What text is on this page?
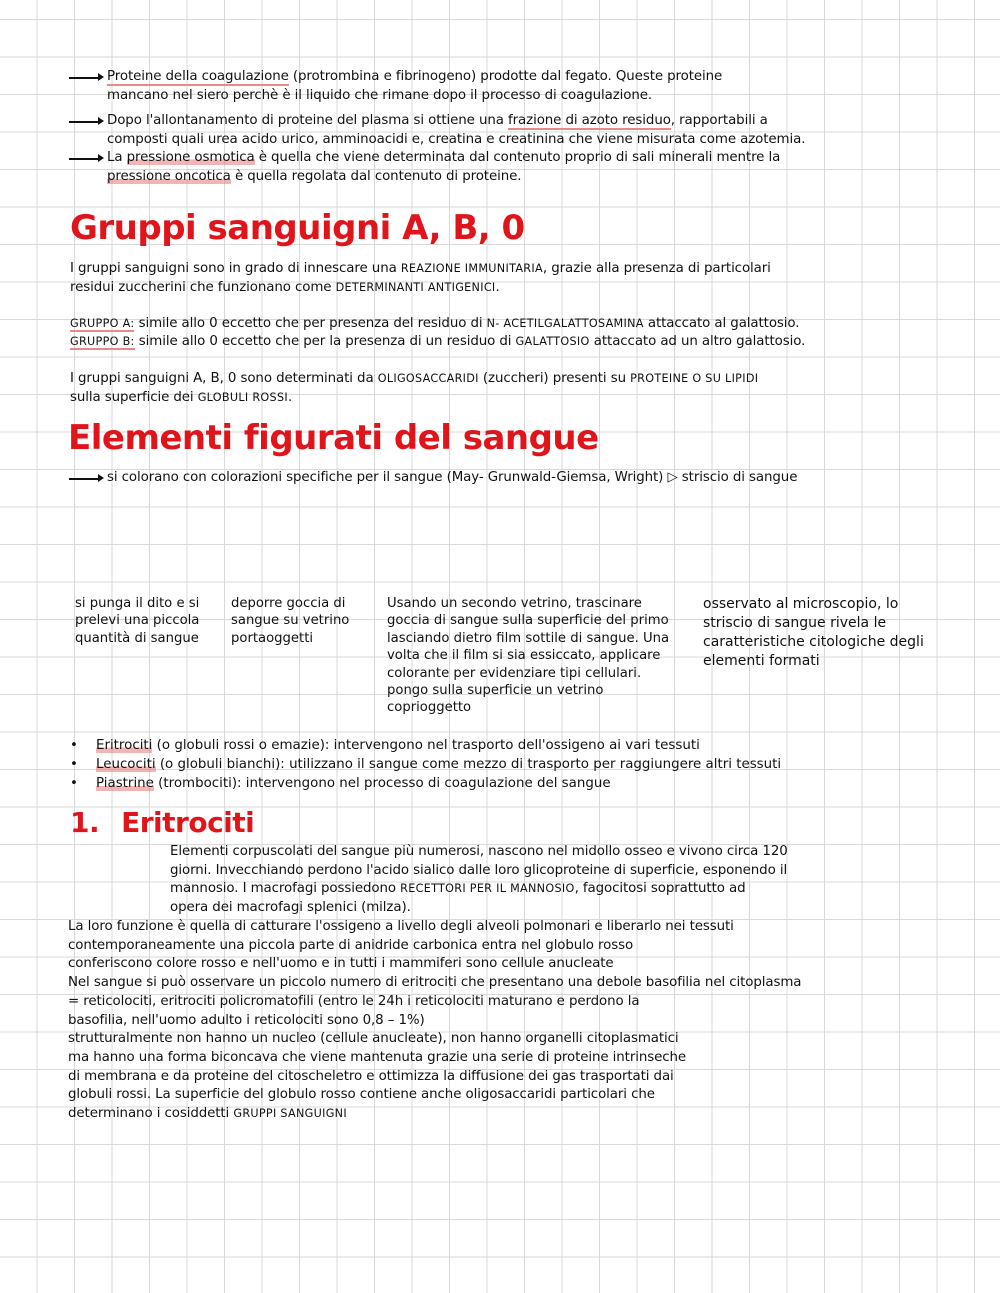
Proteine della coagulazione (protrombina e fibrinogeno) prodotte dal fegato. Queste proteine
mancano nel siero perchè è il liquido che rimane dopo il processo di coagulazione.
Dopo l'allontanamento di proteine del plasma si ottiene una frazione di azoto residuo, rapportabili a
composti quali urea acido urico, amminoacidi e, creatina e creatinina che viene misurata come azotemia.
La pressione osmotica è quella che viene determinata dal contenuto proprio di sali minerali mentre la
pressione oncotica è quella regolata dal contenuto di proteine.
Gruppi sanguigni A, B, 0
I gruppi sanguigni sono in grado di innescare una REAZIONE IMMUNITARIA, grazie alla presenza di particolari
residui zuccherini che funzionano come DETERMINANTI ANTIGENICI.
GRUPPO A: simile allo 0 eccetto che per presenza del residuo di N- ACETILGALATTOSAMINA attaccato al galattosio.
GRUPPO B: simile allo 0 eccetto che per la presenza di un residuo di GALATTOSIO attaccato ad un altro galattosio.
I gruppi sanguigni A, B, 0 sono determinati da OLIGOSACCARIDI (zuccheri) presenti su PROTEINE O SU LIPIDI
sulla superficie dei GLOBULI ROSSI.
Elementi figurati del sangue
si colorano con colorazioni specifiche per il sangue (May- Grunwald-Giemsa, Wright) ▷ striscio di sangue
si punga il dito e si prelevi una piccola quantità di sangue
deporre goccia di sangue su vetrino portaoggetti
Usando un secondo vetrino, trascinare goccia di sangue sulla superficie del primo lasciando dietro film sottile di sangue. Una volta che il film si sia essiccato, applicare colorante per evidenziare tipi cellulari. pongo sulla superficie un vetrino coprioggetto
osservato al microscopio, lo striscio di sangue rivela le caratteristiche citologiche degli elementi formati
• Eritrociti (o globuli rossi o emazie): intervengono nel trasporto dell'ossigeno ai vari tessuti
• Leucociti (o globuli bianchi): utilizzano il sangue come mezzo di trasporto per raggiungere altri tessuti
• Piastrine (trombociti): intervengono nel processo di coagulazione del sangue
1. Eritrociti
Elementi corpuscolati del sangue più numerosi, nascono nel midollo osseo e vivono circa 120
giorni. Invecchiando perdono l'acido sialico dalle loro glicoproteine di superficie, esponendo il
mannosio. I macrofagi possiedono RECETTORI PER IL MANNOSIO, fagocitosi soprattutto ad
opera dei macrofagi splenici (milza).
La loro funzione è quella di catturare l'ossigeno a livello degli alveoli polmonari e liberarlo nei tessuti
contemporaneamente una piccola parte di anidride carbonica entra nel globulo rosso
conferiscono colore rosso e nell'uomo e in tutti i mammiferi sono cellule anucleate
Nel sangue si può osservare un piccolo numero di eritrociti che presentano una debole basofilia nel citoplasma
= reticolociti, eritrociti policromatofili (entro le 24h i reticolociti maturano e perdono la
basofilia, nell'uomo adulto i reticolociti sono 0,8 – 1%)
strutturalmente non hanno un nucleo (cellule anucleate), non hanno organelli citoplasmatici
ma hanno una forma biconcava che viene mantenuta grazie una serie di proteine intrinseche
di membrana e da proteine del citoscheletro e ottimizza la diffusione dei gas trasportati dai
globuli rossi. La superficie del globulo rosso contiene anche oligosaccaridi particolari che
determinano i cosiddetti GRUPPI SANGUIGNI
